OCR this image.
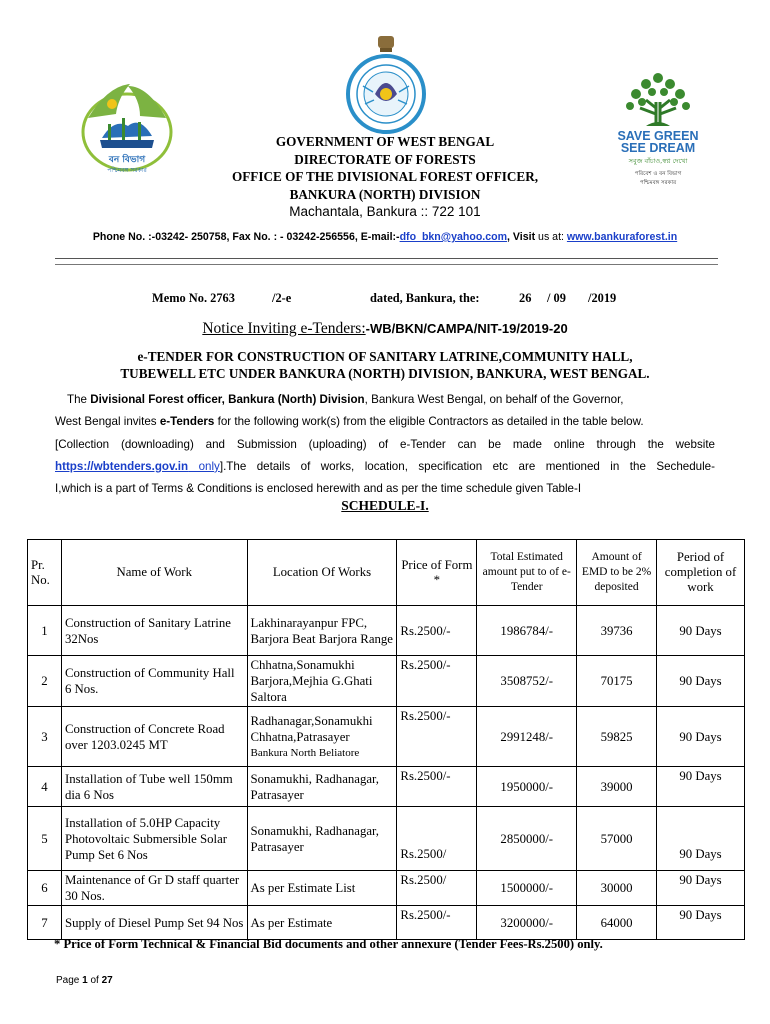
বন বিভাগ
পশ্চিমবঙ্গ সরকার
SAVE GREEN
SEE DREAM
সবুজ বাঁচাও,স্বপ্ন দেখো
পরিবেশ ও বন বিভাগ
পশ্চিমবঙ্গ সরকার
GOVERNMENT OF WEST BENGAL
DIRECTORATE OF FORESTS
OFFICE OF THE DIVISIONAL FOREST OFFICER,
BANKURA (NORTH) DIVISION
Machantala, Bankura :: 722 101
Phone No. :-03242- 250758, Fax No. : - 03242-256556, E-mail:-dfo_bkn@yahoo.com, Visit us at: www.bankuraforest.in
Memo No. 2763	/2-e	dated, Bankura, the:	26 / 09 /2019
Notice Inviting e-Tenders:-WB/BKN/CAMPA/NIT-19/2019-20
e-TENDER FOR CONSTRUCTION OF SANITARY LATRINE,COMMUNITY HALL,
TUBEWELL ETC UNDER BANKURA (NORTH) DIVISION, BANKURA, WEST BENGAL.
The Divisional Forest officer, Bankura (North) Division, Bankura West Bengal, on behalf of the Governor,
West Bengal invites e-Tenders for the following work(s) from the eligible Contractors as detailed in the table below.
[Collection (downloading) and Submission (uploading) of e-Tender can be made online through the website
https://wbtenders.gov.in only].The details of works, location, specification etc are mentioned in the Sechedule-
I,which is a part of Terms & Conditions is enclosed herewith and as per the time schedule given Table-I
SCHEDULE-I.
Pr. No.	Name of Work	Location Of Works	Price of Form *	Total Estimated amount put to of e-Tender	Amount of EMD to be 2% deposited	Period of completion of work
1	Construction of Sanitary Latrine 32Nos	Lakhinarayanpur FPC, Barjora Beat Barjora Range	Rs.2500/-	1986784/-	39736	90 Days
2	Construction of Community Hall 6 Nos.	Chhatna,Sonamukhi Barjora,Mejhia G.Ghati Saltora	Rs.2500/-	3508752/-	70175	90 Days
3	Construction of Concrete Road over 1203.0245 MT	Radhanagar,Sonamukhi Chhatna,Patrasayer
Bankura North Beliatore	Rs.2500/-	2991248/-	59825	90 Days
4	Installation of Tube well 150mm dia 6 Nos	Sonamukhi, Radhanagar, Patrasayer	Rs.2500/-	1950000/-	39000	90 Days
5	Installation of 5.0HP Capacity Photovoltaic Submersible Solar Pump Set 6 Nos	Sonamukhi, Radhanagar, Patrasayer	Rs.2500/	2850000/-	57000	90 Days
6	Maintenance of Gr D staff quarter 30 Nos.	As per Estimate List	Rs.2500/	1500000/-	30000	90 Days
7	Supply of Diesel Pump Set 94 Nos	As per Estimate	Rs.2500/-	3200000/-	64000	90 Days
* Price of Form Technical & Financial Bid documents and other annexure (Tender Fees-Rs.2500) only.
Page 1 of 27
